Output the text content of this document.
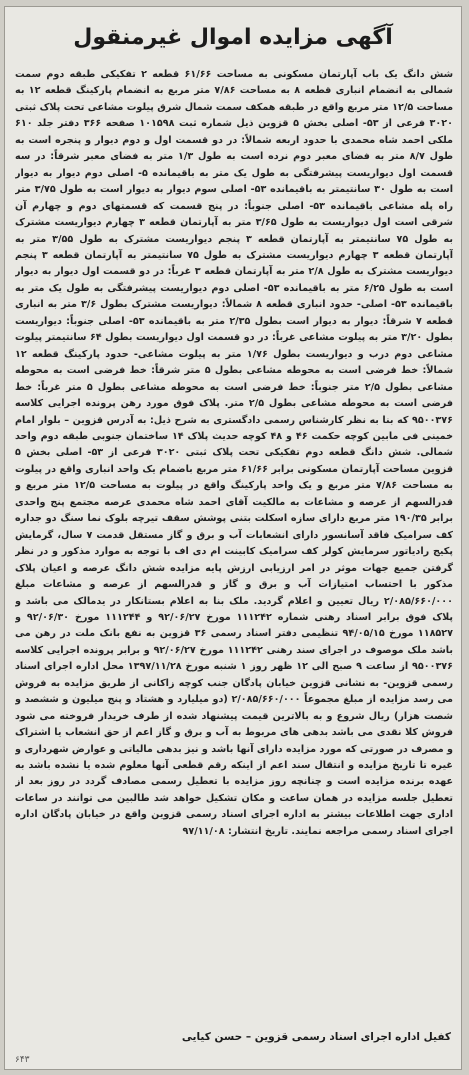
آگهی مزایده اموال غیرمنقول

شش دانگ یک باب آپارتمان مسکونی به مساحت ۶۱/۶۶ قطعه ۲ تفکیکی طبقه دوم سمت شمالی به انضمام انباری قطعه ۸ به مساحت ۷/۸۶ متر مربع به انضمام پارکینگ قطعه ۱۲ به مساحت ۱۲/۵ متر مربع واقع در طبقه همکف سمت شمال شرق پیلوت مشاعی تحت پلاک ثبتی ۳۰۲۰ فرعی از ۵۳- اصلی بخش ۵ قزوین ذیل شماره ثبت ۱۰۱۵۹۸ صفحه ۳۶۶ دفتر جلد ۶۱۰ ملکی احمد شاه محمدی با حدود اربعه شمالاً: در دو قسمت اول و دوم دیوار و پنجره است به طول ۸/۷ متر به فضای معبر دوم نرده است به طول ۱/۳ متر به فضای معبر شرقاً: در سه قسمت اول دیواریست پیشرفتگی به طول یک متر به باقیمانده ۵- اصلی دوم دیوار به دیوار است به طول ۳۰ سانتیمتر به باقیمانده ۵۳- اصلی سوم دیوار به دیوار است به طول ۳/۷۵ متر راه پله مشاعی باقیمانده ۵۳- اصلی جنوباً: در پنج قسمت که قسمتهای دوم و چهارم آن شرقی است اول دیواریست به طول ۳/۶۵ متر به آپارتمان قطعه ۳ چهارم دیواریست مشترک به طول ۷۵ سانتیمتر به آپارتمان قطعه ۳ پنجم دیواریست مشترک به طول ۳/۵۵ متر به آپارتمان قطعه ۳ چهارم دیواریست مشترک به طول ۷۵ سانتیمتر به آپارتمان قطعه ۳ پنجم دیواریست مشترک به طول ۲/۸ متر به آپارتمان قطعه ۳ غرباً: در دو قسمت اول دیوار به دیوار است به طول ۶/۲۵ متر به باقیمانده ۵۳- اصلی دوم دیواریست پیشرفتگی به طول یک متر به باقیمانده ۵۳- اصلی- حدود انباری قطعه ۸ شمالاً: دیواریست مشترک بطول ۳/۶ متر به انباری قطعه ۷ شرقاً: دیوار به دیوار است بطول ۲/۳۵ متر به باقیمانده ۵۳- اصلی جنوباً: دیواریست بطول ۳/۲۰ متر به پیلوت مشاعی غرباً: در دو قسمت اول دیواریست بطول ۶۴ سانتیمتر پیلوت مشاعی دوم درب و دیواریست بطول ۱/۷۶ متر به پیلوت مشاعی- حدود پارکینگ قطعه ۱۲ شمالاً: خط فرضی است به محوطه مشاعی بطول ۵ متر شرقاً: خط فرضی است به محوطه مشاعی بطول ۲/۵ متر جنوباً: خط فرضی است به محوطه مشاعی بطول ۵ متر غرباً: خط فرضی است به محوطه مشاعی بطول ۲/۵ متر. پلاک فوق مورد رهن پرونده اجرایی کلاسه ۹۵۰۰۳۷۶ که بنا به نظر کارشناس رسمی دادگستری به شرح ذیل: به آدرس قزوین – بلوار امام خمینی فی مابین کوچه حکمت ۴۶ و ۴۸ کوچه حدیث پلاک ۱۴ ساختمان جنوبی طبقه دوم واحد شمالی. شش دانگ قطعه دوم تفکیکی تحت پلاک ثبتی ۳۰۲۰ فرعی از ۵۳- اصلی بخش ۵ قزوین مساحت آپارتمان مسکونی برابر ۶۱/۶۶ متر مربع باضمام یک واحد انباری واقع در پیلوت به مساحت ۷/۸۶ متر مربع و یک واحد پارکینگ واقع در پیلوت به مساحت ۱۲/۵ متر مربع و قدرالسهم از عرصه و مشاعات به مالکیت آقای احمد شاه محمدی عرصه مجتمع پنج واحدی برابر ۱۹۰/۳۵ متر مربع دارای سازه اسکلت بتنی پوشش سقف تیرچه بلوک نما سنگ دو جداره کف سرامیک فاقد آسانسور دارای انشعابات آب و برق و گاز مستقل قدمت ۷ سال، گرمایش پکیج رادیاتور سرمایش کولر کف سرامیک کابینت ام دی اف با توجه به موارد مذکور و در نظر گرفتن جمیع جهات موثر در امر ارزیابی ارزش پایه مزایده شش دانگ عرصه و اعیان پلاک مذکور با احتساب امتیازات آب و برق و گاز و قدرالسهم از عرصه و مشاعات مبلغ ۲/۰۸۵/۶۶۰/۰۰۰ ریال تعیین و اعلام گردید. ملک بنا به اعلام بستانکار در یدمالک می باشد و پلاک فوق برابر اسناد رهنی شماره ۱۱۱۲۴۲ مورخ ۹۲/۰۶/۲۷ و ۱۱۱۲۴۴ مورخ ۹۲/۰۶/۳۰ و ۱۱۸۵۲۷ مورخ ۹۴/۰۵/۱۵ تنظیمی دفتر اسناد رسمی ۳۶ قزوین به نفع بانک ملت در رهن می باشد ملک موصوف در اجرای سند رهنی ۱۱۱۲۴۲ مورخ ۹۲/۰۶/۲۷ و برابر پرونده اجرایی کلاسه ۹۵۰۰۳۷۶ از ساعت ۹ صبح الی ۱۲ ظهر روز ۱ شنبه مورخ ۱۳۹۷/۱۱/۲۸ محل اداره اجرای اسناد رسمی قزوین- به نشانی قزوین خیابان پادگان جنب کوچه زاکانی از طریق مزایده به فروش می رسد مزایده از مبلغ مجموعاً ۲/۰۸۵/۶۶۰/۰۰۰ (دو میلیارد و هشتاد و پنج میلیون و ششصد و شصت هزار) ریال شروع و به بالاترین قیمت پیشنهاد شده از طرف خریدار فروخته می شود فروش کلا نقدی می باشد بدهی های مربوط به آب و برق و گاز اعم از حق انشعاب یا اشتراک و مصرف در صورتی که مورد مزایده دارای آنها باشد و نیز بدهی مالیاتی و عوارض شهرداری و غیره تا تاریخ مزایده و انتقال سند اعم از اینکه رقم قطعی آنها معلوم شده یا نشده باشد به عهده برنده مزایده است و چنانچه روز مزایده با تعطیل رسمی مصادف گردد در روز بعد از تعطیل جلسه مزایده در همان ساعت و مکان تشکیل خواهد شد طالبین می توانند در ساعات اداری جهت اطلاعات بیشتر به اداره اجرای اسناد رسمی قزوین واقع در خیابان پادگان اداره اجرای اسناد رسمی مراجعه نمایند. تاریخ انتشار: ۹۷/۱۱/۰۸

کفیل اداره اجرای اسناد رسمی قزوین – حسن کیایی
۶۴۳
